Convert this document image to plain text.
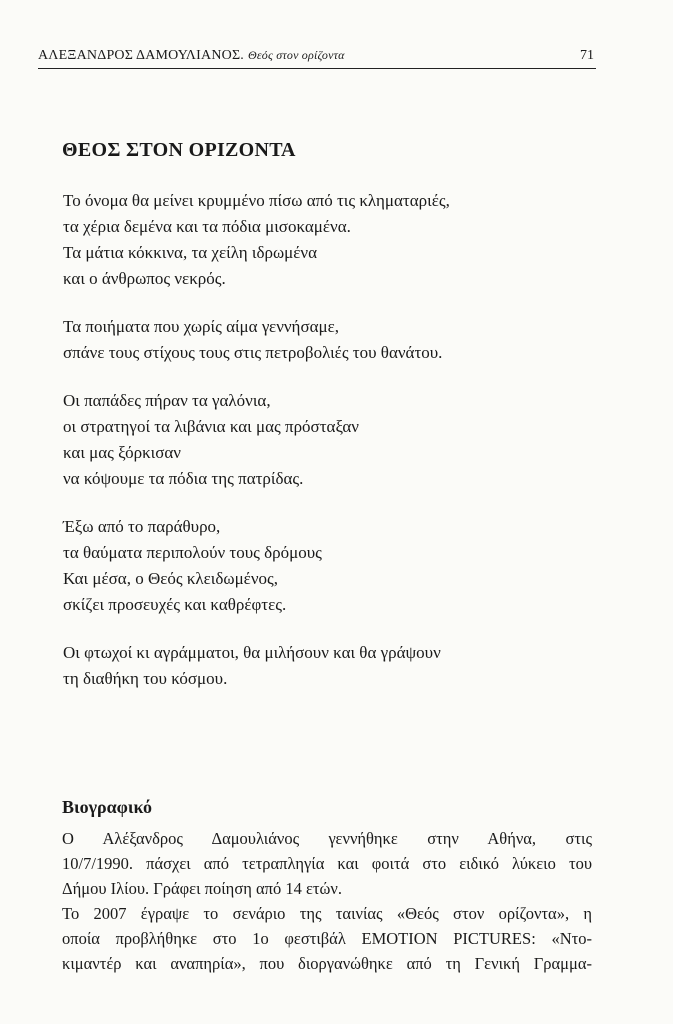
ΑΛΕΞΑΝΔΡΟΣ ΔΑΜΟΥΛΙΑΝΟΣ. Θεός στον ορίζοντα	71
ΘΕΟΣ ΣΤΟΝ ΟΡΙΖΟΝΤΑ
Το όνομα θα μείνει κρυμμένο πίσω από τις κληματαριές,
τα χέρια δεμένα και τα πόδια μισοκαμένα.
Τα μάτια κόκκινα, τα χείλη ιδρωμένα
και ο άνθρωπος νεκρός.
Τα ποιήματα που χωρίς αίμα γεννήσαμε,
σπάνε τους στίχους τους στις πετροβολιές του θανάτου.
Οι παπάδες πήραν τα γαλόνια,
οι στρατηγοί τα λιβάνια και μας πρόσταξαν
και μας ξόρκισαν
να κόψουμε τα πόδια της πατρίδας.
Έξω από το παράθυρο,
τα θαύματα περιπολούν τους δρόμους
Και μέσα, ο Θεός κλειδωμένος,
σκίζει προσευχές και καθρέφτες.
Οι φτωχοί κι αγράμματοι, θα μιλήσουν και θα γράψουν
τη διαθήκη του κόσμου.
Βιογραφικό
Ο Αλέξανδρος Δαμουλιάνος γεννήθηκε στην Αθήνα, στις
10/7/1990. πάσχει από τετραπληγία και φοιτά στο ειδικό λύκειο του
Δήμου Ιλίου. Γράφει ποίηση από 14 ετών.
Το 2007 έγραψε το σενάριο της ταινίας «Θεός στον ορίζοντα», η
οποία προβλήθηκε στο 1ο φεστιβάλ EMOTION PICTURES: «Ντο-
κιμαντέρ και αναπηρία», που διοργανώθηκε από τη Γενική Γραμμα-
